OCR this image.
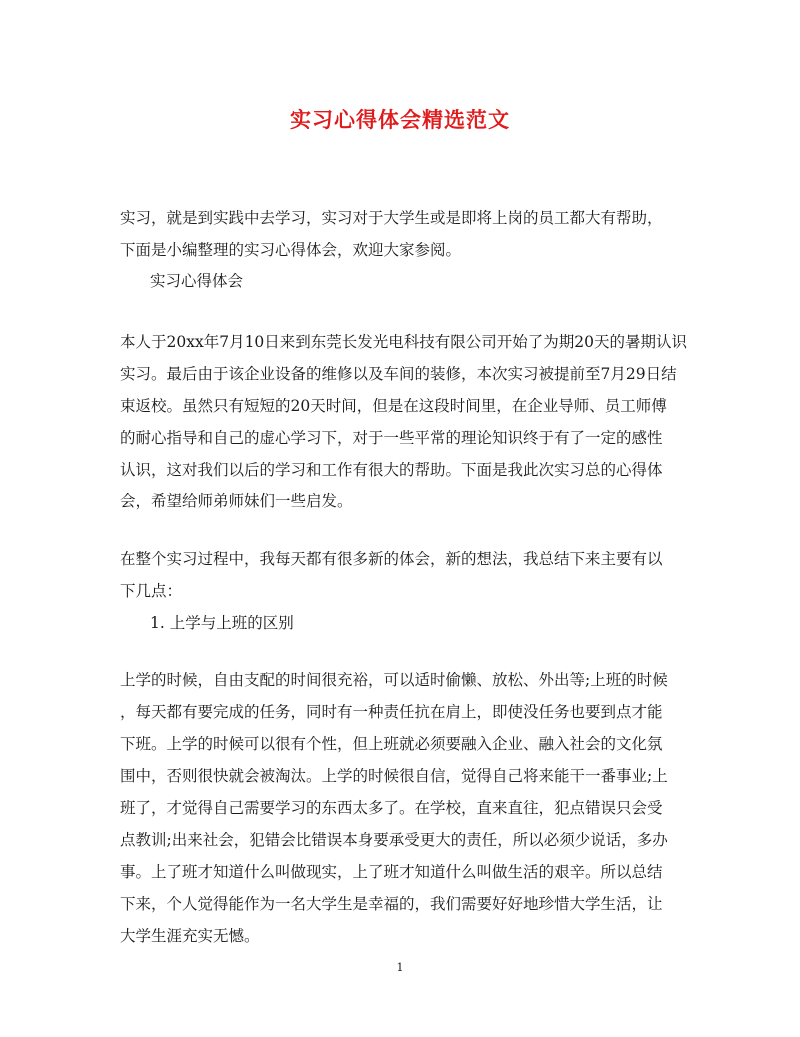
实习心得体会精选范文
实习，就是到实践中去学习，实习对于大学生或是即将上岗的员工都大有帮助，
下面是小编整理的实习心得体会，欢迎大家参阅。
实习心得体会
本人于20xx年7月10日来到东莞长发光电科技有限公司开始了为期20天的暑期认识
实习。最后由于该企业设备的维修以及车间的装修，本次实习被提前至7月29日结
束返校。虽然只有短短的20天时间，但是在这段时间里，在企业导师、员工师傅
的耐心指导和自己的虚心学习下，对于一些平常的理论知识终于有了一定的感性
认识，这对我们以后的学习和工作有很大的帮助。下面是我此次实习总的心得体
会，希望给师弟师妹们一些启发。
在整个实习过程中，我每天都有很多新的体会，新的想法，我总结下来主要有以
下几点：
1. 上学与上班的区别
上学的时候，自由支配的时间很充裕，可以适时偷懒、放松、外出等;上班的时候
，每天都有要完成的任务，同时有一种责任抗在肩上，即使没任务也要到点才能
下班。上学的时候可以很有个性，但上班就必须要融入企业、融入社会的文化氛
围中，否则很快就会被淘汰。上学的时候很自信，觉得自己将来能干一番事业;上
班了，才觉得自己需要学习的东西太多了。在学校，直来直往，犯点错误只会受
点教训;出来社会，犯错会比错误本身要承受更大的责任，所以必须少说话，多办
事。上了班才知道什么叫做现实，上了班才知道什么叫做生活的艰辛。所以总结
下来，个人觉得能作为一名大学生是幸福的，我们需要好好地珍惜大学生活，让
大学生涯充实无憾。
1
